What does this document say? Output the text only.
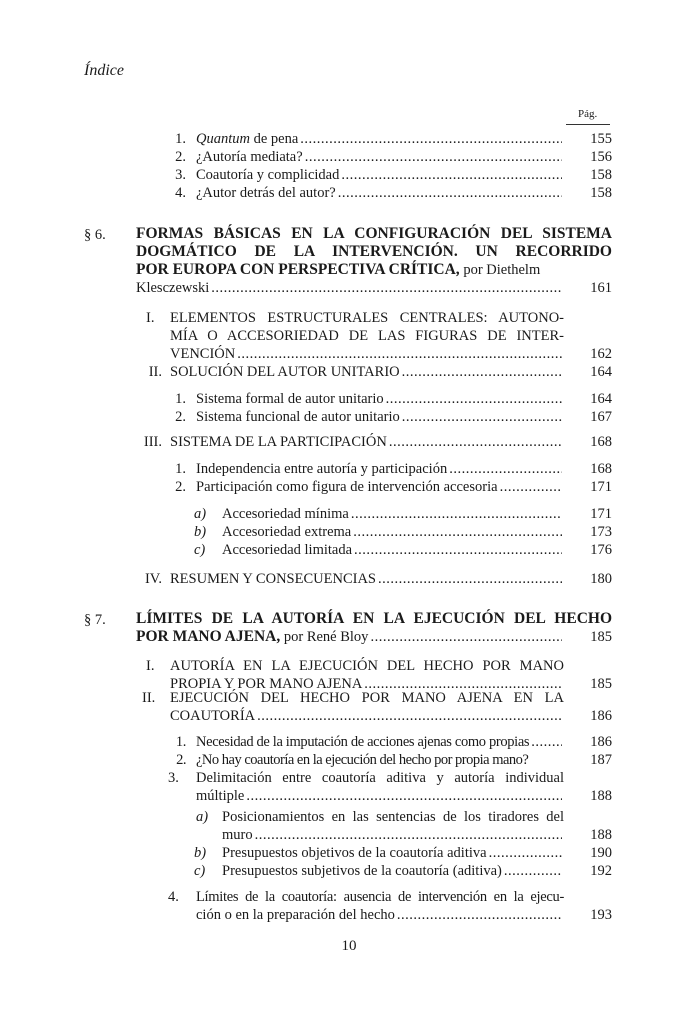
Índice
Pág.
1. Quantum de pena .....	155
2. ¿Autoría mediata? .....	156
3. Coautoría y complicidad .....	158
4. ¿Autor detrás del autor? .....	158
§ 6. FORMAS BÁSICAS EN LA CONFIGURACIÓN DEL SISTEMA
DOGMÁTICO DE LA INTERVENCIÓN. UN RECORRIDO
POR EUROPA CON PERSPECTIVA CRÍTICA, por Diethelm
Klesczewski .....	161
I. ELEMENTOS ESTRUCTURALES CENTRALES: AUTONO-
MÍA O ACCESORIEDAD DE LAS FIGURAS DE INTER-
VENCIÓN .....	162
II. SOLUCIÓN DEL AUTOR UNITARIO .....	164
1. Sistema formal de autor unitario .....	164
2. Sistema funcional de autor unitario .....	167
III. SISTEMA DE LA PARTICIPACIÓN .....	168
1. Independencia entre autoría y participación .....	168
2. Participación como figura de intervención accesoria .....	171
a) Accesoriedad mínima .....	171
b) Accesoriedad extrema .....	173
c)	Accesoriedad limitada .....	176
IV. RESUMEN Y CONSECUENCIAS .....	180
§ 7. LÍMITES DE LA AUTORÍA EN LA EJECUCIÓN DEL HECHO
POR MANO AJENA, por René Bloy .....	185
I. AUTORÍA EN LA EJECUCIÓN DEL HECHO POR MANO
PROPIA Y POR MANO AJENA .....	185
II. EJECUCIÓN DEL HECHO POR MANO AJENA EN LA
COAUTORÍA .....	186
1. Necesidad de la imputación de acciones ajenas como propias .....	186
2. ¿No hay coautoría en la ejecución del hecho por propia mano?	187
3. Delimitación entre coautoría aditiva y autoría individual
múltiple .....	188
a) Posicionamientos en las sentencias de los tiradores del
muro .....	188
b) Presupuestos objetivos de la coautoría aditiva .....	190
c)	Presupuestos subjetivos de la coautoría (aditiva) .....	192
4. Límites de la coautoría: ausencia de intervención en la ejecu-
ción o en la preparación del hecho .....	193
10
